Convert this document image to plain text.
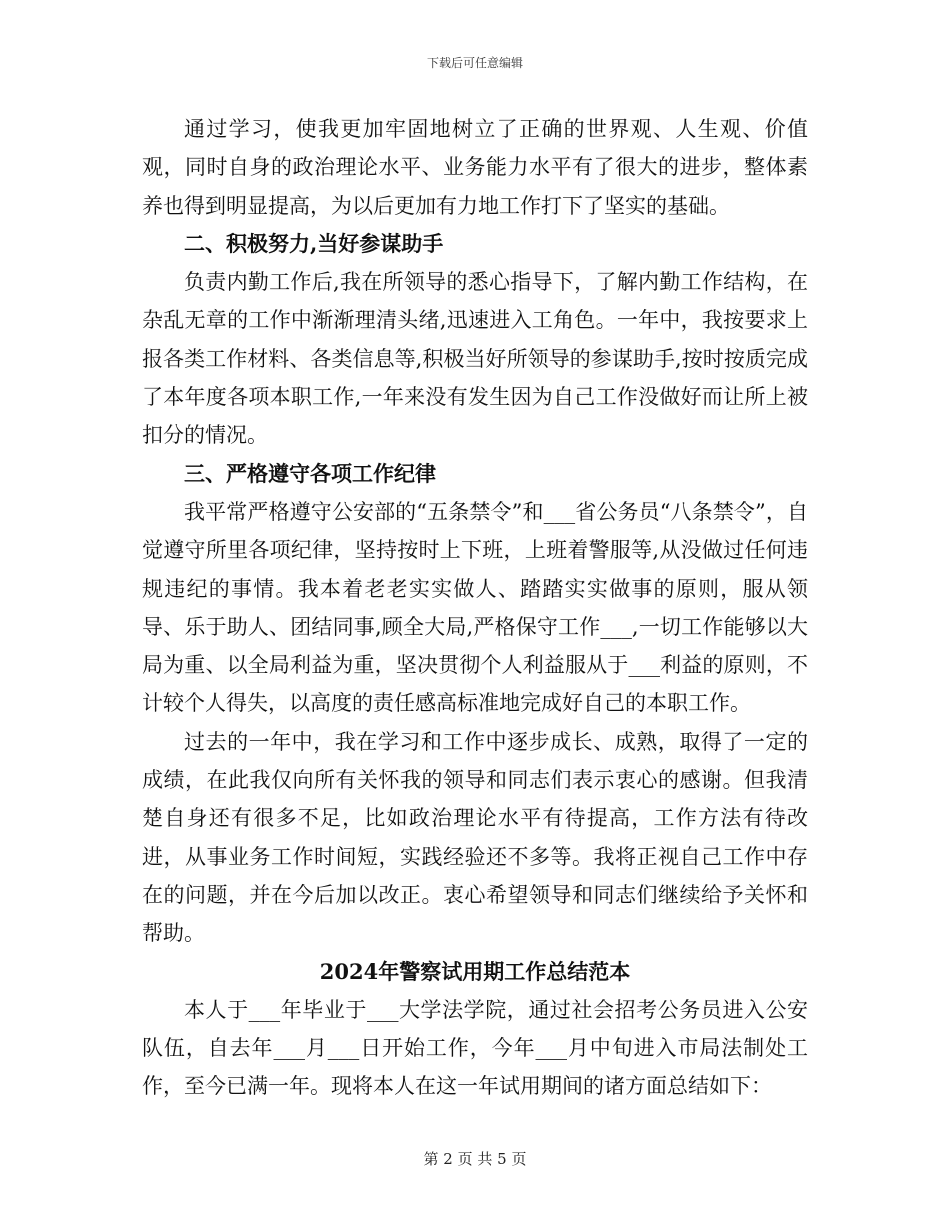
下载后可任意编辑

通过学习，使我更加牢固地树立了正确的世界观、人生观、价值观，同时自身的政治理论水平、业务能力水平有了很大的进步，整体素养也得到明显提高，为以后更加有力地工作打下了坚实的基础。

二、积极努力,当好参谋助手

负责内勤工作后,我在所领导的悉心指导下，了解内勤工作结构，在杂乱无章的工作中渐渐理清头绪,迅速进入工角色。一年中，我按要求上报各类工作材料、各类信息等,积极当好所领导的参谋助手,按时按质完成了本年度各项本职工作,一年来没有发生因为自己工作没做好而让所上被扣分的情况。

三、严格遵守各项工作纪律

我平常严格遵守公安部的“五条禁令”和___省公务员“八条禁令”，自觉遵守所里各项纪律，坚持按时上下班，上班着警服等,从没做过任何违规违纪的事情。我本着老老实实做人、踏踏实实做事的原则，服从领导、乐于助人、团结同事,顾全大局,严格保守工作___,一切工作能够以大局为重、以全局利益为重，坚决贯彻个人利益服从于___利益的原则，不计较个人得失，以高度的责任感高标准地完成好自己的本职工作。

过去的一年中，我在学习和工作中逐步成长、成熟，取得了一定的成绩，在此我仅向所有关怀我的领导和同志们表示衷心的感谢。但我清楚自身还有很多不足，比如政治理论水平有待提高，工作方法有待改进，从事业务工作时间短，实践经验还不多等。我将正视自己工作中存在的问题，并在今后加以改正。衷心希望领导和同志们继续给予关怀和帮助。

2024年警察试用期工作总结范本

本人于___年毕业于___大学法学院，通过社会招考公务员进入公安队伍，自去年___月___日开始工作，今年___月中旬进入市局法制处工作，至今已满一年。现将本人在这一年试用期间的诸方面总结如下：

第 2 页 共 5 页
